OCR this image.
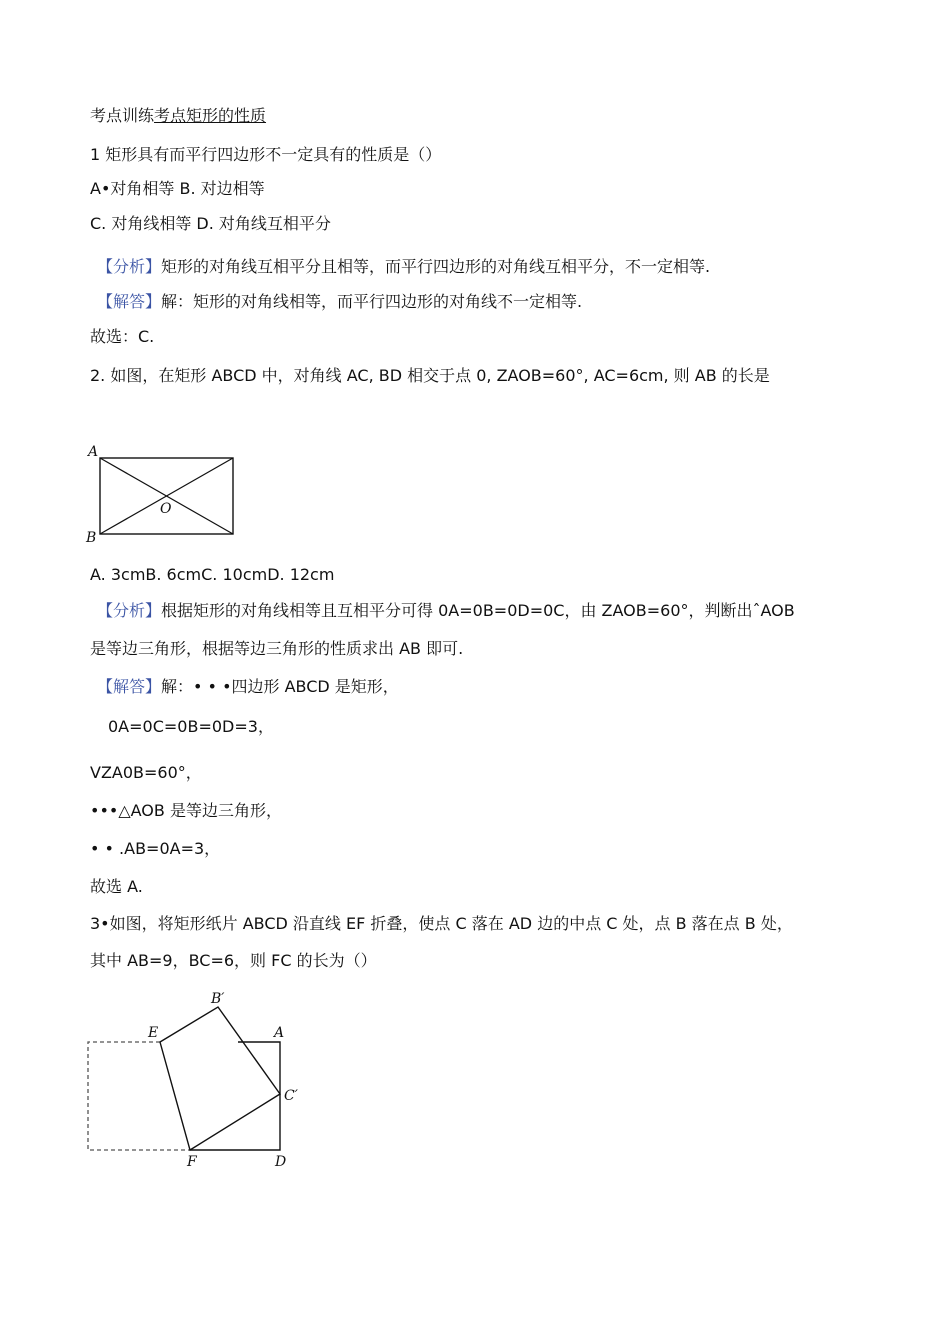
考点训练考点矩形的性质
1 矩形具有而平行四边形不一定具有的性质是（）
A•对角相等 B. 对边相等
C. 对角线相等 D. 对角线互相平分
【分析】矩形的对角线互相平分且相等，而平行四边形的对角线互相平分，不一定相等.
【解答】解：矩形的对角线相等，而平行四边形的对角线不一定相等.
故选：C.
2. 如图，在矩形 ABCD 中，对角线 AC, BD 相交于点 0, ZAOB=60°, AC=6cm, 则 AB 的长是
A
B
O
A. 3cmB. 6cmC. 10cmD. 12cm
【分析】根据矩形的对角线相等且互相平分可得 0A=0B=0D=0C，由 ZAOB=60°，判断出ˆAOB
是等边三角形，根据等边三角形的性质求出 AB 即可.
【解答】解：• • •四边形 ABCD 是矩形，
0A=0C=0B=0D=3，
VZA0B=60°，
•••△AOB 是等边三角形，
• • .AB=0A=3，
故选 A.
3•如图，将矩形纸片 ABCD 沿直线 EF 折叠，使点 C 落在 AD 边的中点 C 处，点 B 落在点 B 处，
其中 AB=9，BC=6，则 FC 的长为（）
B′
E	A
C′
F	D
